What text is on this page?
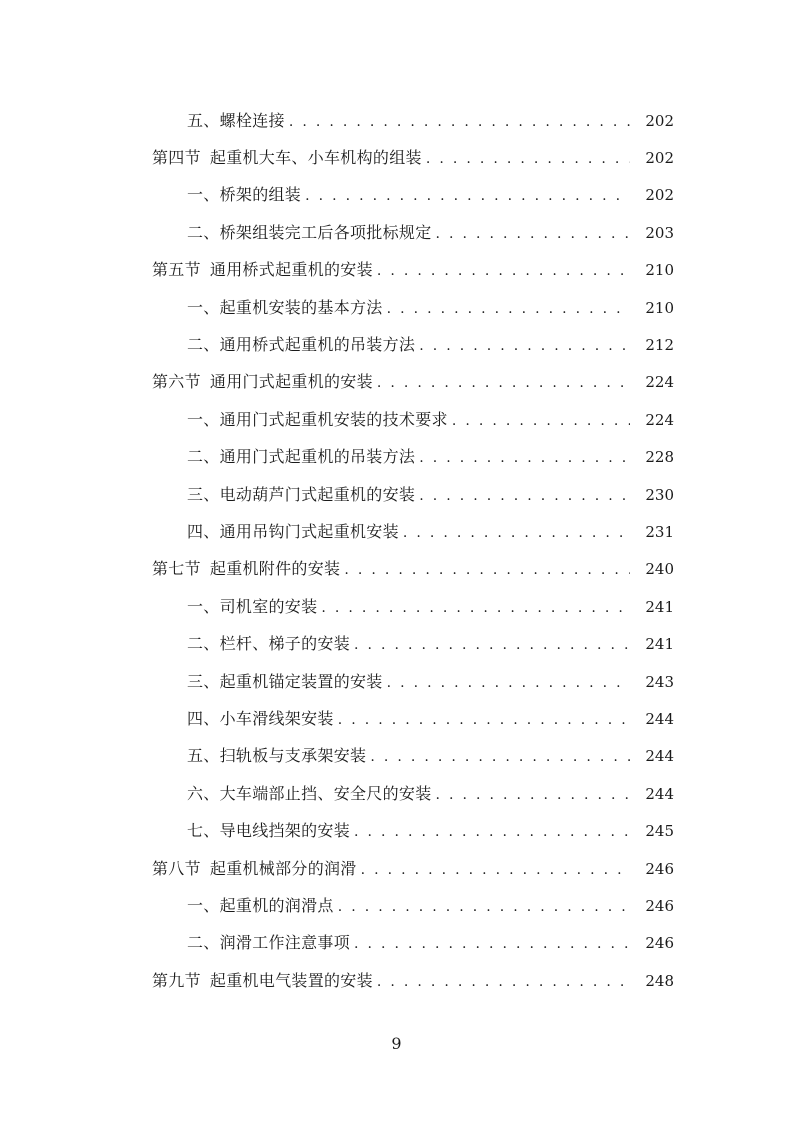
五、螺栓连接 . . .	202
第四节 起重机大车、小车机构的组装 . . .	202
一、桥架的组装 . . .	202
二、桥架组装完工后各项批标规定 . . .	203
第五节 通用桥式起重机的安装 . . .	210
一、起重机安装的基本方法 . . .	210
二、通用桥式起重机的吊装方法 . . .	212
第六节 通用门式起重机的安装 . . .	224
一、通用门式起重机安装的技术要求 . . .	224
二、通用门式起重机的吊装方法 . . .	228
三、电动葫芦门式起重机的安装 . . .	230
四、通用吊钩门式起重机安装 . . .	231
第七节 起重机附件的安装 . . .	240
一、司机室的安装 . . .	241
二、栏杆、梯子的安装 . . .	241
三、起重机锚定装置的安装 . . .	243
四、小车滑线架安装 . . .	244
五、扫轨板与支承架安装 . . .	244
六、大车端部止挡、安全尺的安装 . . .	244
七、导电线挡架的安装 . . .	245
第八节 起重机械部分的润滑 . . .	246
一、起重机的润滑点 . . .	246
二、润滑工作注意事项 . . .	246
第九节 起重机电气装置的安装 . . .	248
9
